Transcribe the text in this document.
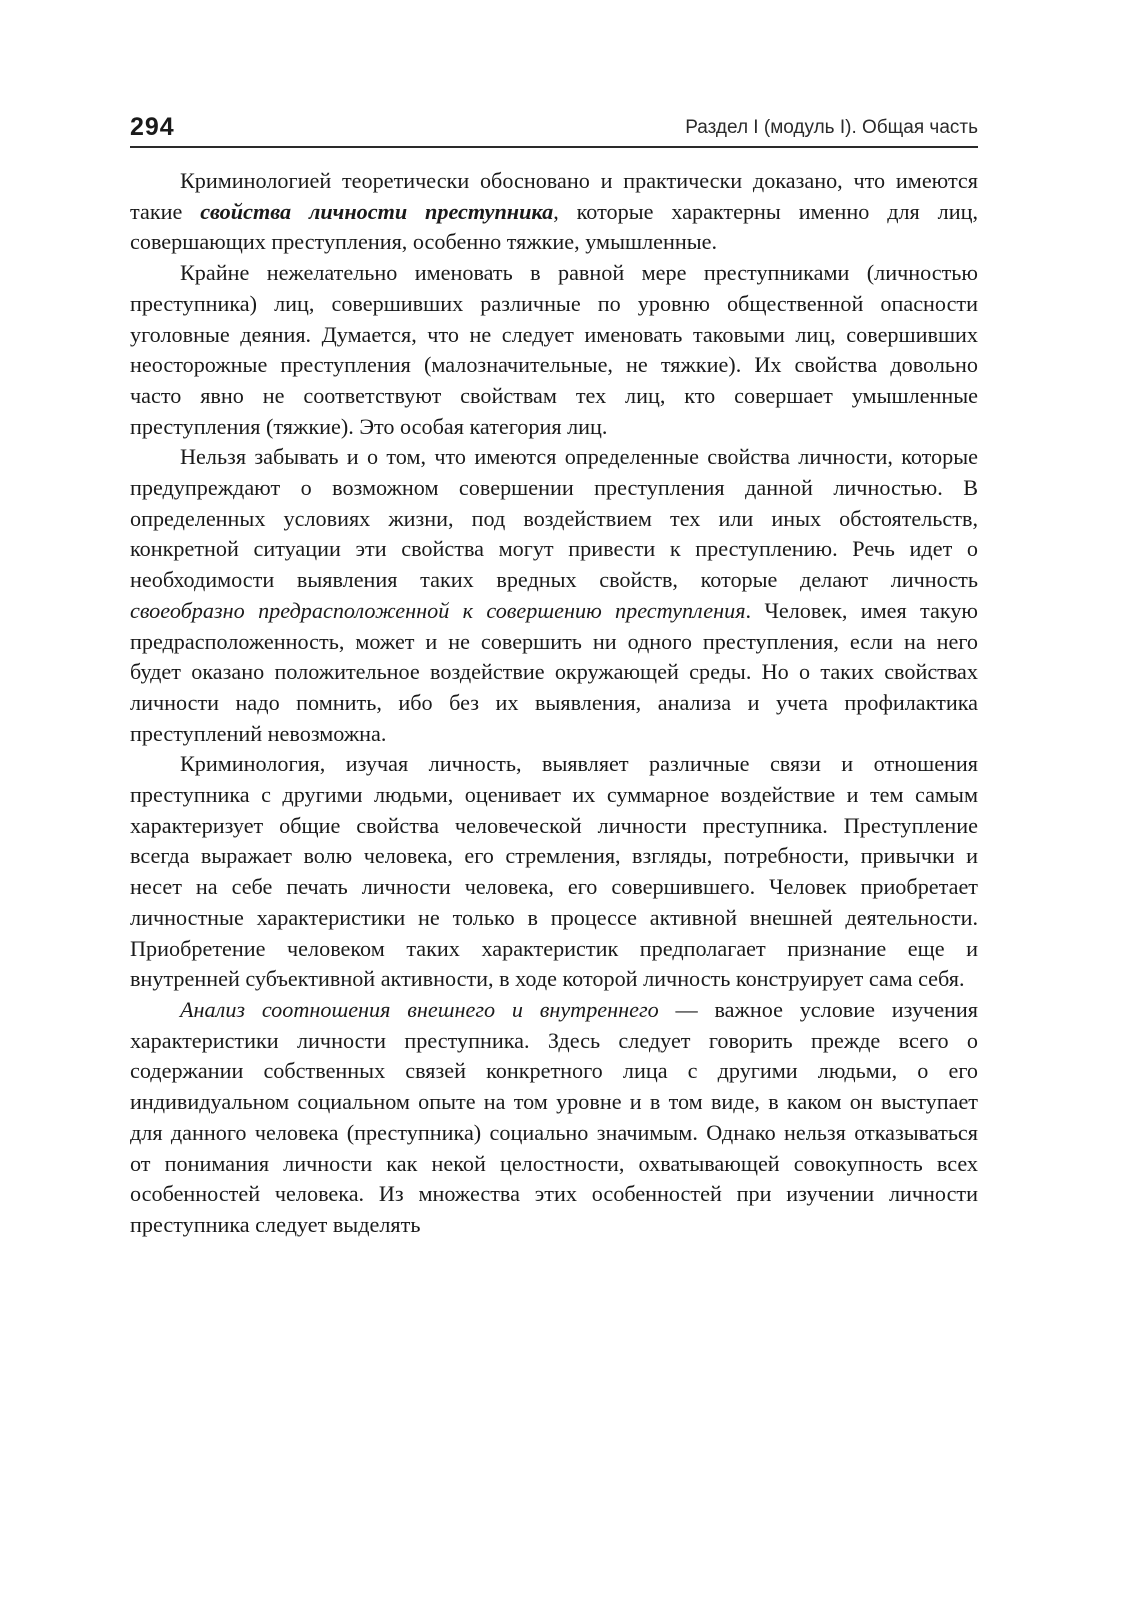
294	Раздел I (модуль I). Общая часть

Криминологией теоретически обосновано и практически доказано, что имеются такие свойства личности преступника, которые характерны именно для лиц, совершающих преступления, особенно тяжкие, умышленные.

Крайне нежелательно именовать в равной мере преступниками (личностью преступника) лиц, совершивших различные по уровню общественной опасности уголовные деяния. Думается, что не следует именовать таковыми лиц, совершивших неосторожные преступления (малозначительные, не тяжкие). Их свойства довольно часто явно не соответствуют свойствам тех лиц, кто совершает умышленные преступления (тяжкие). Это особая категория лиц.

Нельзя забывать и о том, что имеются определенные свойства личности, которые предупреждают о возможном совершении преступления данной личностью. В определенных условиях жизни, под воздействием тех или иных обстоятельств, конкретной ситуации эти свойства могут привести к преступлению. Речь идет о необходимости выявления таких вредных свойств, которые делают личность своеобразно предрасположенной к совершению преступления. Человек, имея такую предрасположенность, может и не совершить ни одного преступления, если на него будет оказано положительное воздействие окружающей среды. Но о таких свойствах личности надо помнить, ибо без их выявления, анализа и учета профилактика преступлений невозможна.

Криминология, изучая личность, выявляет различные связи и отношения преступника с другими людьми, оценивает их суммарное воздействие и тем самым характеризует общие свойства человеческой личности преступника. Преступление всегда выражает волю человека, его стремления, взгляды, потребности, привычки и несет на себе печать личности человека, его совершившего. Человек приобретает личностные характеристики не только в процессе активной внешней деятельности. Приобретение человеком таких характеристик предполагает признание еще и внутренней субъективной активности, в ходе которой личность конструирует сама себя.

Анализ соотношения внешнего и внутреннего — важное условие изучения характеристики личности преступника. Здесь следует говорить прежде всего о содержании собственных связей конкретного лица с другими людьми, о его индивидуальном социальном опыте на том уровне и в том виде, в каком он выступает для данного человека (преступника) социально значимым. Однако нельзя отказываться от понимания личности как некой целостности, охватывающей совокупность всех особенностей человека. Из множества этих особенностей при изучении личности преступника следует выделять
